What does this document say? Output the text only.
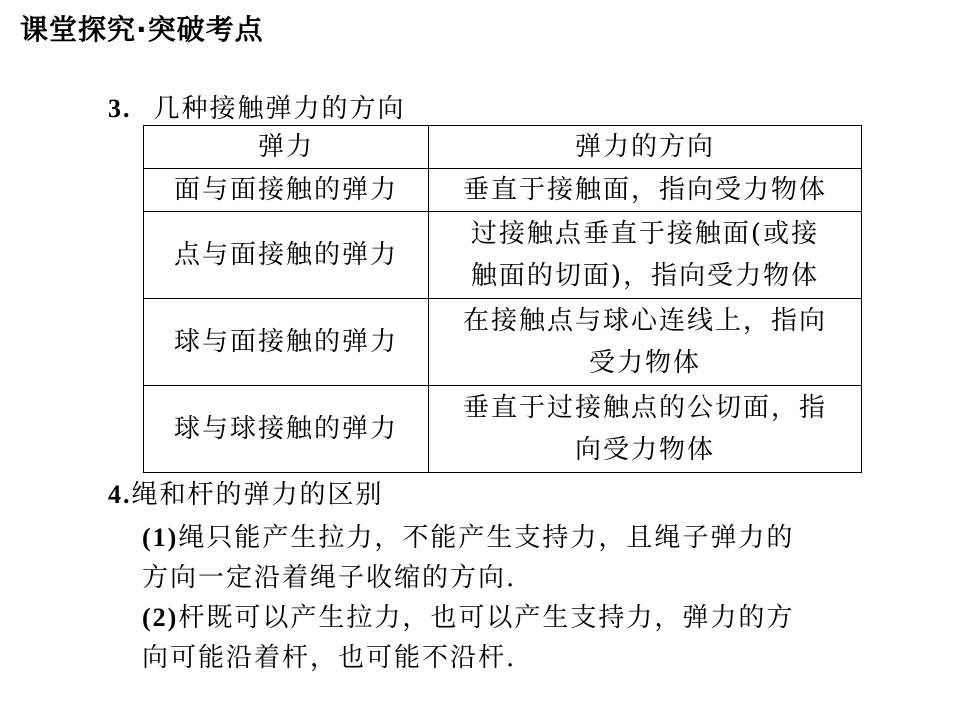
课堂探究·突破考点
3. 几种接触弹力的方向
弹力	弹力的方向
面与面接触的弹力	垂直于接触面，指向受力物体

点与面接触的弹力	过接触点垂直于接触面(或接
触面的切面)，指向受力物体

球与面接触的弹力	在接触点与球心连线上，指向
受力物体

球与球接触的弹力	垂直于过接触点的公切面，指
向受力物体
4.绳和杆的弹力的区别
(1)绳只能产生拉力，不能产生支持力，且绳子弹力的
方向一定沿着绳子收缩的方向.
(2)杆既可以产生拉力，也可以产生支持力，弹力的方
向可能沿着杆，也可能不沿杆.
